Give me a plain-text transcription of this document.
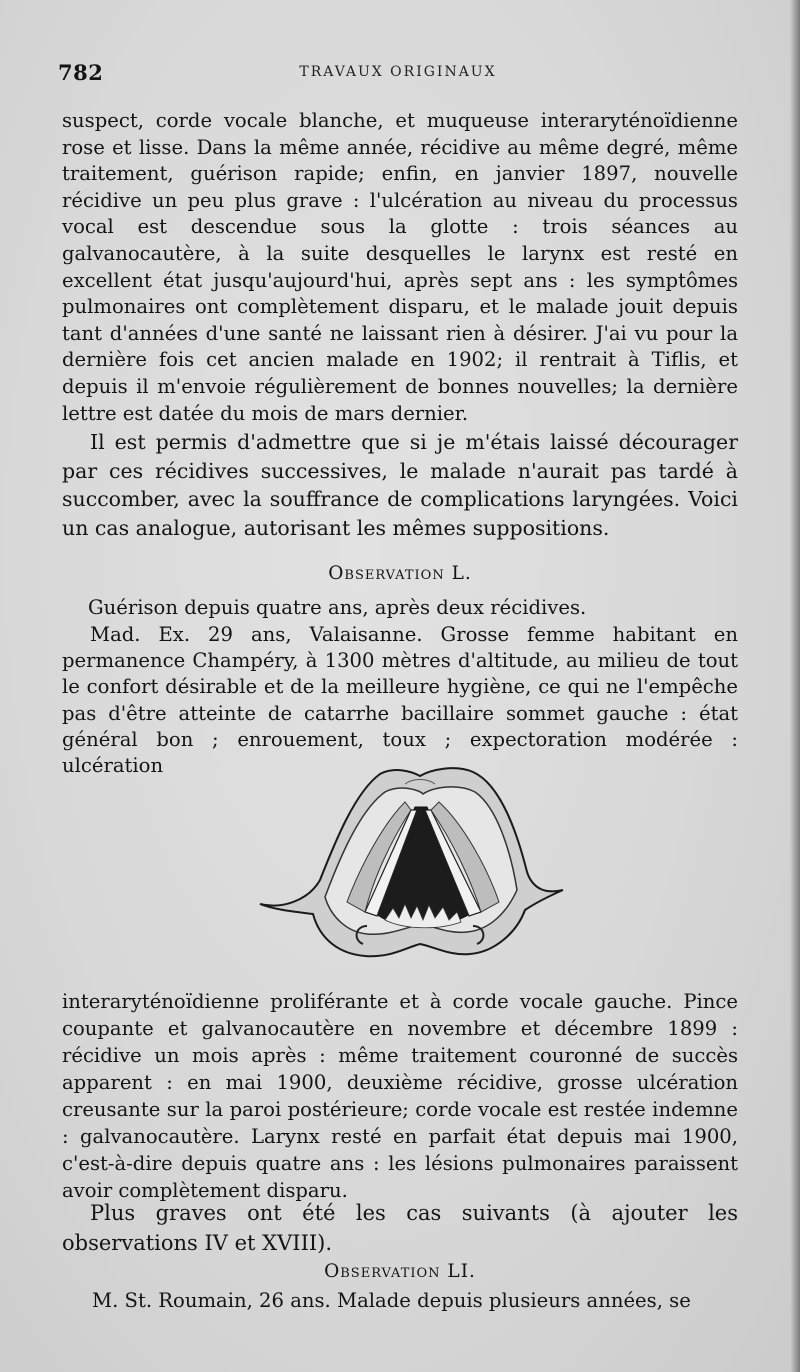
782	TRAVAUX ORIGINAUX

suspect, corde vocale blanche, et muqueuse interaryténoïdienne rose et lisse. Dans la même année, récidive au même degré, même traitement, guérison rapide; enfin, en janvier 1897, nouvelle récidive un peu plus grave : l'ulcération au niveau du processus vocal est descendue sous la glotte : trois séances au galvanocautère, à la suite desquelles le larynx est resté en excellent état jusqu'aujourd'hui, après sept ans : les symptômes pulmonaires ont complètement disparu, et le malade jouit depuis tant d'années d'une santé ne laissant rien à désirer. J'ai vu pour la dernière fois cet ancien malade en 1902; il rentrait à Tiflis, et depuis il m'envoie régulièrement de bonnes nouvelles; la dernière lettre est datée du mois de mars dernier.

Il est permis d'admettre que si je m'étais laissé décourager par ces récidives successives, le malade n'aurait pas tardé à succomber, avec la souffrance de complications laryngées. Voici un cas analogue, autorisant les mêmes suppositions.

Observation L.

Guérison depuis quatre ans, après deux récidives.

Mad. Ex. 29 ans, Valaisanne. Grosse femme habitant en permanence Champéry, à 1300 mètres d'altitude, au milieu de tout le confort désirable et de la meilleure hygiène, ce qui ne l'empêche pas d'être atteinte de catarrhe bacillaire sommet gauche : état général bon ; enrouement, toux ; expectoration modérée : ulcération

interaryténoïdienne proliférante et à corde vocale gauche. Pince coupante et galvanocautère en novembre et décembre 1899 : récidive un mois après : même traitement couronné de succès apparent : en mai 1900, deuxième récidive, grosse ulcération creusante sur la paroi postérieure; corde vocale est restée indemne : galvanocautère. Larynx resté en parfait état depuis mai 1900, c'est-à-dire depuis quatre ans : les lésions pulmonaires paraissent avoir complètement disparu.

Plus graves ont été les cas suivants (à ajouter les observations IV et XVIII).

Observation LI.

M. St. Roumain, 26 ans. Malade depuis plusieurs années, se
